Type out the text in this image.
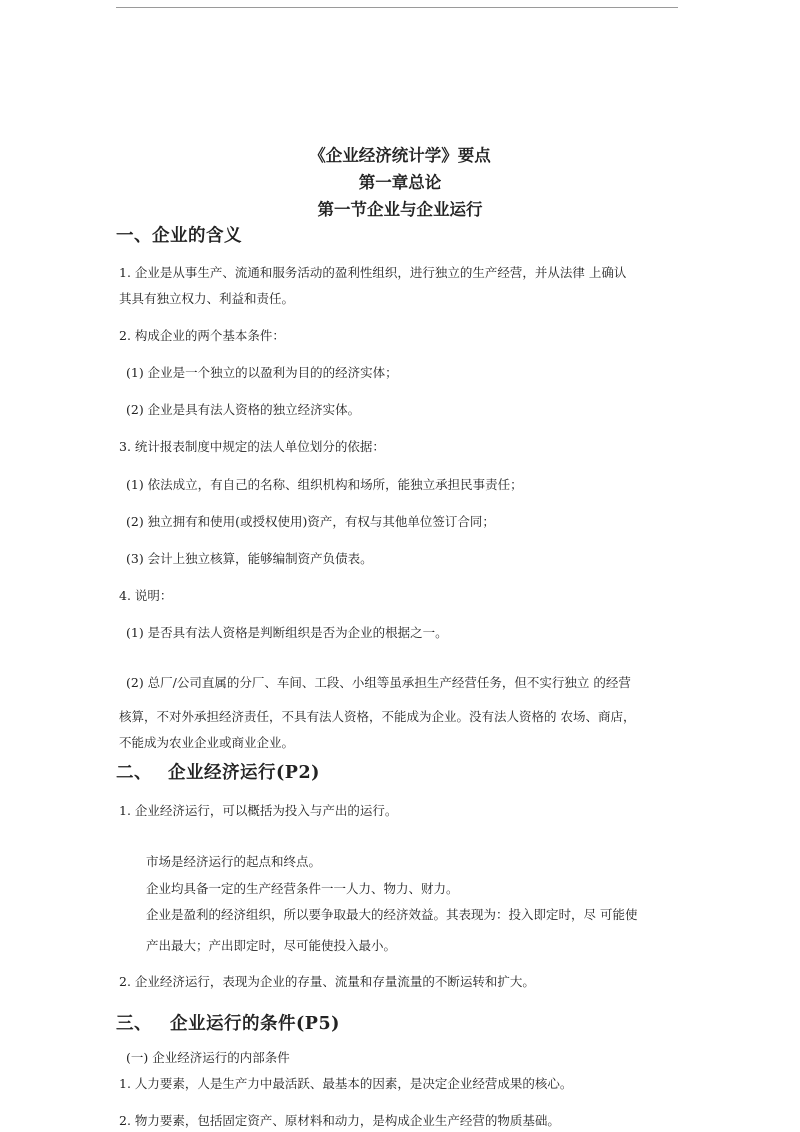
《企业经济统计学》要点
第一章总论
第一节企业与企业运行
一、企业的含义

1. 企业是从事生产、流通和服务活动的盈利性组织，进行独立的生产经营，并从法律 上确认

其具有独立权力、利益和责任。

2. 构成企业的两个基本条件：

(1) 企业是一个独立的以盈利为目的的经济实体；

(2) 企业是具有法人资格的独立经济实体。

3. 统计报表制度中规定的法人单位划分的依据：

(1) 依法成立，有自己的名称、组织机构和场所，能独立承担民事责任；

(2) 独立拥有和使用(或授权使用)资产，有权与其他单位签订合同；

(3) 会计上独立核算，能够编制资产负债表。

4. 说明：

(1) 是否具有法人资格是判断组织是否为企业的根据之一。

(2) 总厂/公司直属的分厂、车间、工段、小组等虽承担生产经营任务，但不实行独立 的经营

核算，不对外承担经济责任，不具有法人资格，不能成为企业。没有法人资格的 农场、商店，

不能成为农业企业或商业企业。

二、 企业经济运行(P2)

1. 企业经济运行，可以概括为投入与产出的运行。

市场是经济运行的起点和终点。

企业均具备一定的生产经营条件一一人力、物力、财力。

企业是盈利的经济组织，所以要争取最大的经济效益。其表现为：投入即定时，尽 可能使

产出最大；产出即定时，尽可能使投入最小。

2. 企业经济运行，表现为企业的存量、流量和存量流量的不断运转和扩大。

三、 企业运行的条件(P5)

(一) 企业经济运行的内部条件

1. 人力要素，人是生产力中最活跃、最基本的因素，是决定企业经营成果的核心。

2. 物力要素，包括固定资产、原材料和动力，是构成企业生产经营的物质基础。
